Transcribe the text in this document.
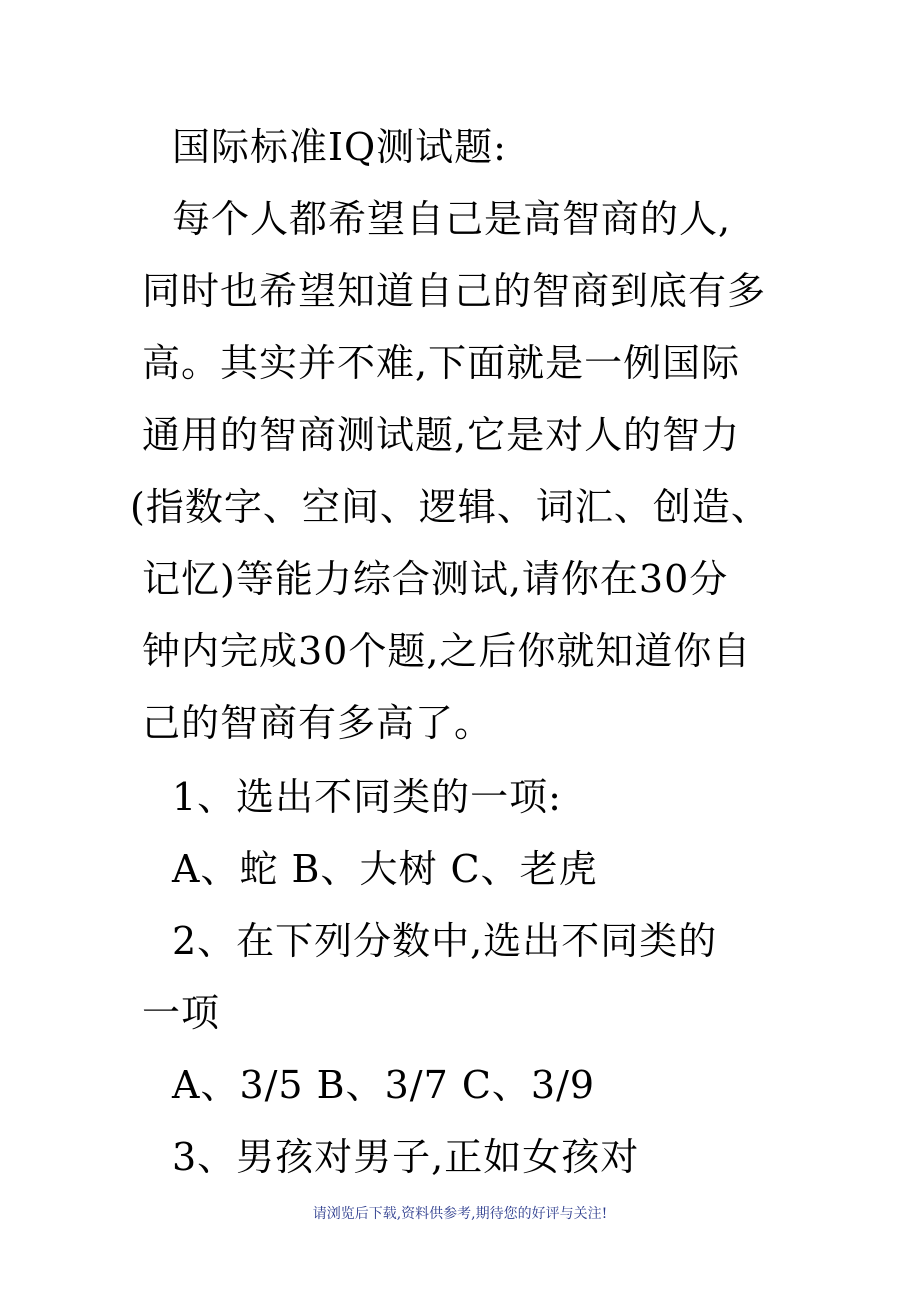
国际标准IQ测试题:
每个人都希望自己是高智商的人,
同时也希望知道自己的智商到底有多
高。其实并不难,下面就是一例国际
通用的智商测试题,它是对人的智力
(指数字、空间、逻辑、词汇、创造、
记忆)等能力综合测试,请你在30分
钟内完成30个题,之后你就知道你自
己的智商有多高了。
1、选出不同类的一项:
A、蛇 B、大树 C、老虎
2、在下列分数中,选出不同类的
一项
A、3/5 B、3/7 C、3/9
3、男孩对男子,正如女孩对
请浏览后下载,资料供参考,期待您的好评与关注!
